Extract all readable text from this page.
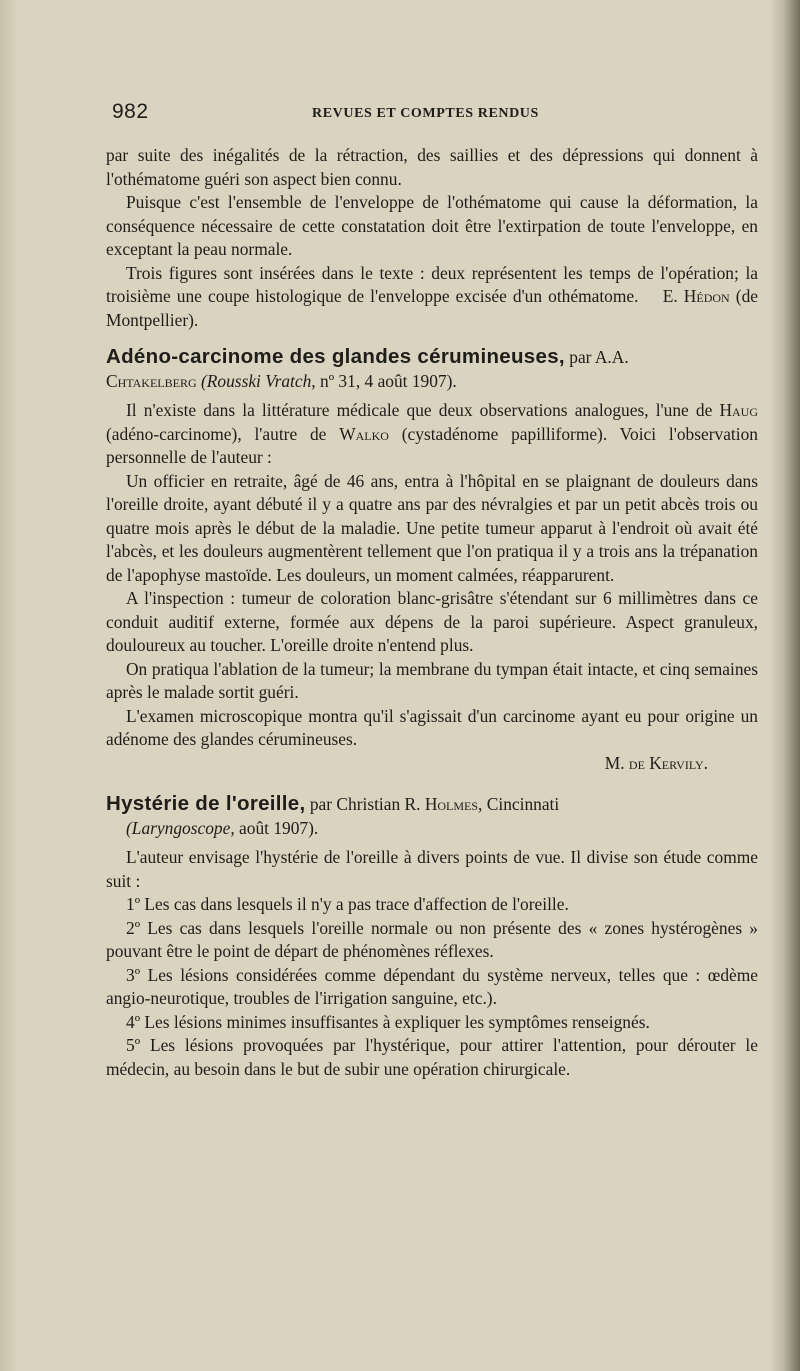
982	REVUES ET COMPTES RENDUS

par suite des inégalités de la rétraction, des saillies et des dépressions qui donnent à l'othématome guéri son aspect bien connu.

Puisque c'est l'ensemble de l'enveloppe de l'othématome qui cause la déformation, la conséquence nécessaire de cette constatation doit être l'extirpation de toute l'enveloppe, en exceptant la peau normale.

Trois figures sont insérées dans le texte : deux représentent les temps de l'opération; la troisième une coupe histologique de l'enveloppe excisée d'un othématome. E. Hédon (de Montpellier).

Adéno-carcinome des glandes cérumineuses, par A.A.
Chtakelberg (Rousski Vratch, nº 31, 4 août 1907).

Il n'existe dans la littérature médicale que deux observations analogues, l'une de Haug (adéno-carcinome), l'autre de Walko (cystadénome papilliforme). Voici l'observation personnelle de l'auteur :

Un officier en retraite, âgé de 46 ans, entra à l'hôpital en se plaignant de douleurs dans l'oreille droite, ayant débuté il y a quatre ans par des névralgies et par un petit abcès trois ou quatre mois après le début de la maladie. Une petite tumeur apparut à l'endroit où avait été l'abcès, et les douleurs augmentèrent tellement que l'on pratiqua il y a trois ans la trépanation de l'apophyse mastoïde. Les douleurs, un moment calmées, réapparurent.

A l'inspection : tumeur de coloration blanc-grisâtre s'étendant sur 6 millimètres dans ce conduit auditif externe, formée aux dépens de la paroi supérieure. Aspect granuleux, douloureux au toucher. L'oreille droite n'entend plus.

On pratiqua l'ablation de la tumeur; la membrane du tympan était intacte, et cinq semaines après le malade sortit guéri.

L'examen microscopique montra qu'il s'agissait d'un carcinome ayant eu pour origine un adénome des glandes cérumineuses.

M. de Kervily.

Hystérie de l'oreille, par Christian R. Holmes, Cincinnati
(Laryngoscope, août 1907).

L'auteur envisage l'hystérie de l'oreille à divers points de vue. Il divise son étude comme suit :

1º Les cas dans lesquels il n'y a pas trace d'affection de l'oreille.

2º Les cas dans lesquels l'oreille normale ou non présente des « zones hystérogènes » pouvant être le point de départ de phénomènes réflexes.

3º Les lésions considérées comme dépendant du système nerveux, telles que : œdème angio-neurotique, troubles de l'irrigation sanguine, etc.).

4º Les lésions minimes insuffisantes à expliquer les symptômes renseignés.

5º Les lésions provoquées par l'hystérique, pour attirer l'attention, pour dérouter le médecin, au besoin dans le but de subir une opération chirurgicale.
